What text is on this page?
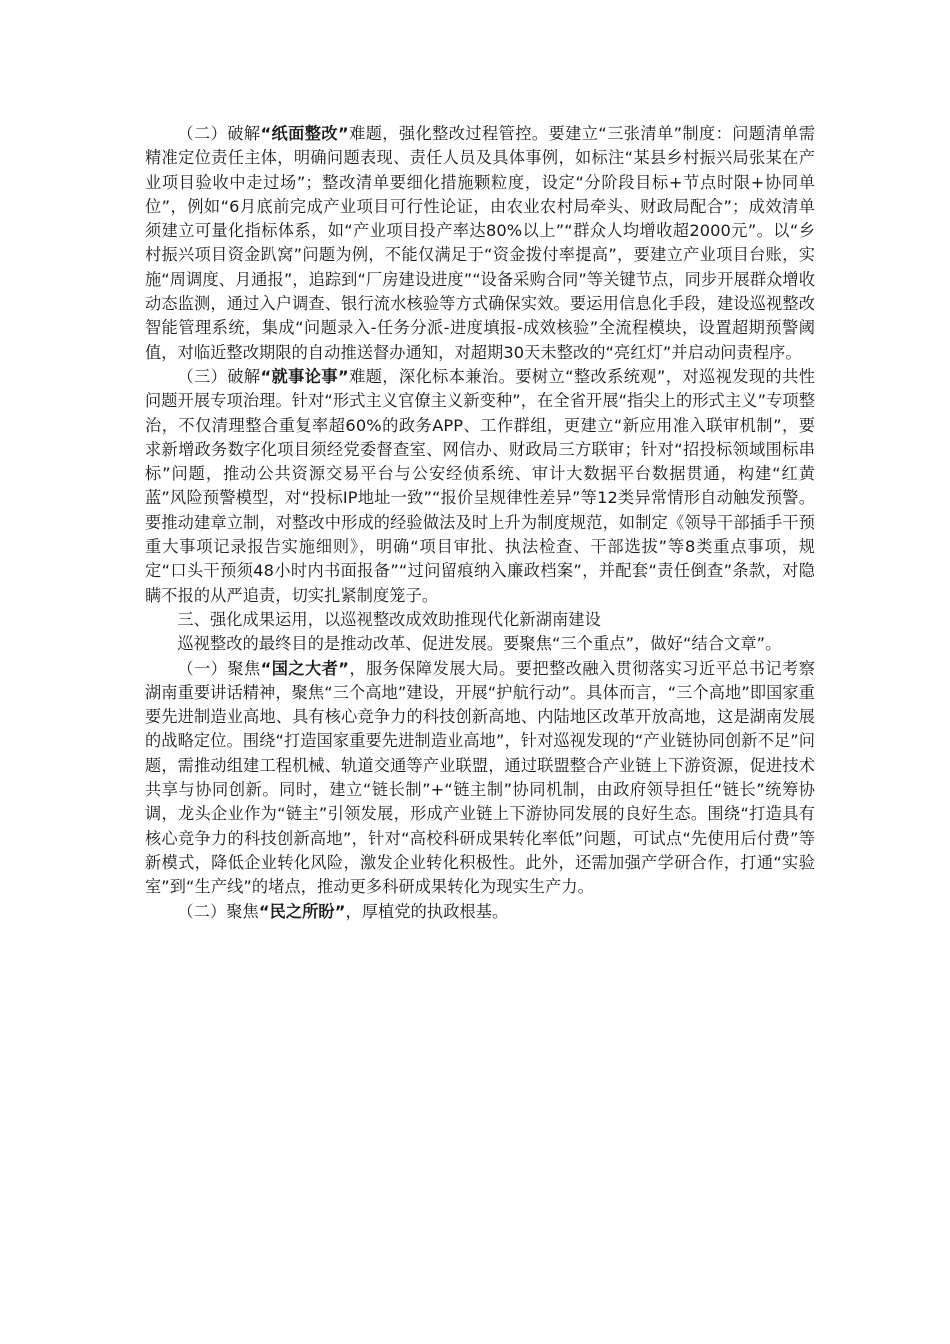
（二）破解“纸面整改”难题，强化整改过程管控。要建立“三张清单”制度：问题清单需精准定位责任主体，明确问题表现、责任人员及具体事例，如标注“某县乡村振兴局张某在产业项目验收中走过场”；整改清单要细化措施颗粒度，设定“分阶段目标+节点时限+协同单位”，例如“6月底前完成产业项目可行性论证，由农业农村局牵头、财政局配合”；成效清单须建立可量化指标体系，如“产业项目投产率达80%以上”“群众人均增收超2000元”。以“乡村振兴项目资金趴窝”问题为例，不能仅满足于“资金拨付率提高”，要建立产业项目台账，实施“周调度、月通报”，追踪到“厂房建设进度”“设备采购合同”等关键节点，同步开展群众增收动态监测，通过入户调查、银行流水核验等方式确保实效。要运用信息化手段，建设巡视整改智能管理系统，集成“问题录入-任务分派-进度填报-成效核验”全流程模块，设置超期预警阈值，对临近整改期限的自动推送督办通知，对超期30天未整改的“亮红灯”并启动问责程序。

（三）破解“就事论事”难题，深化标本兼治。要树立“整改系统观”，对巡视发现的共性问题开展专项治理。针对“形式主义官僚主义新变种”，在全省开展“指尖上的形式主义”专项整治，不仅清理整合重复率超60%的政务APP、工作群组，更建立“新应用准入联审机制”，要求新增政务数字化项目须经党委督查室、网信办、财政局三方联审；针对“招投标领域围标串标”问题，推动公共资源交易平台与公安经侦系统、审计大数据平台数据贯通，构建“红黄蓝”风险预警模型，对“投标IP地址一致”“报价呈规律性差异”等12类异常情形自动触发预警。要推动建章立制，对整改中形成的经验做法及时上升为制度规范，如制定《领导干部插手干预重大事项记录报告实施细则》，明确“项目审批、执法检查、干部选拔”等8类重点事项，规定“口头干预须48小时内书面报备”“过问留痕纳入廉政档案”，并配套“责任倒查”条款，对隐瞒不报的从严追责，切实扎紧制度笼子。

三、强化成果运用，以巡视整改成效助推现代化新湖南建设

巡视整改的最终目的是推动改革、促进发展。要聚焦“三个重点”，做好“结合文章”。

（一）聚焦“国之大者”，服务保障发展大局。要把整改融入贯彻落实习近平总书记考察湖南重要讲话精神，聚焦“三个高地”建设，开展“护航行动”。具体而言，“三个高地”即国家重要先进制造业高地、具有核心竞争力的科技创新高地、内陆地区改革开放高地，这是湖南发展的战略定位。围绕“打造国家重要先进制造业高地”，针对巡视发现的“产业链协同创新不足”问题，需推动组建工程机械、轨道交通等产业联盟，通过联盟整合产业链上下游资源，促进技术共享与协同创新。同时，建立“链长制”+“链主制”协同机制，由政府领导担任“链长”统筹协调，龙头企业作为“链主”引领发展，形成产业链上下游协同发展的良好生态。围绕“打造具有核心竞争力的科技创新高地”，针对“高校科研成果转化率低”问题，可试点“先使用后付费”等新模式，降低企业转化风险，激发企业转化积极性。此外，还需加强产学研合作，打通“实验室”到“生产线”的堵点，推动更多科研成果转化为现实生产力。

（二）聚焦“民之所盼”，厚植党的执政根基。
